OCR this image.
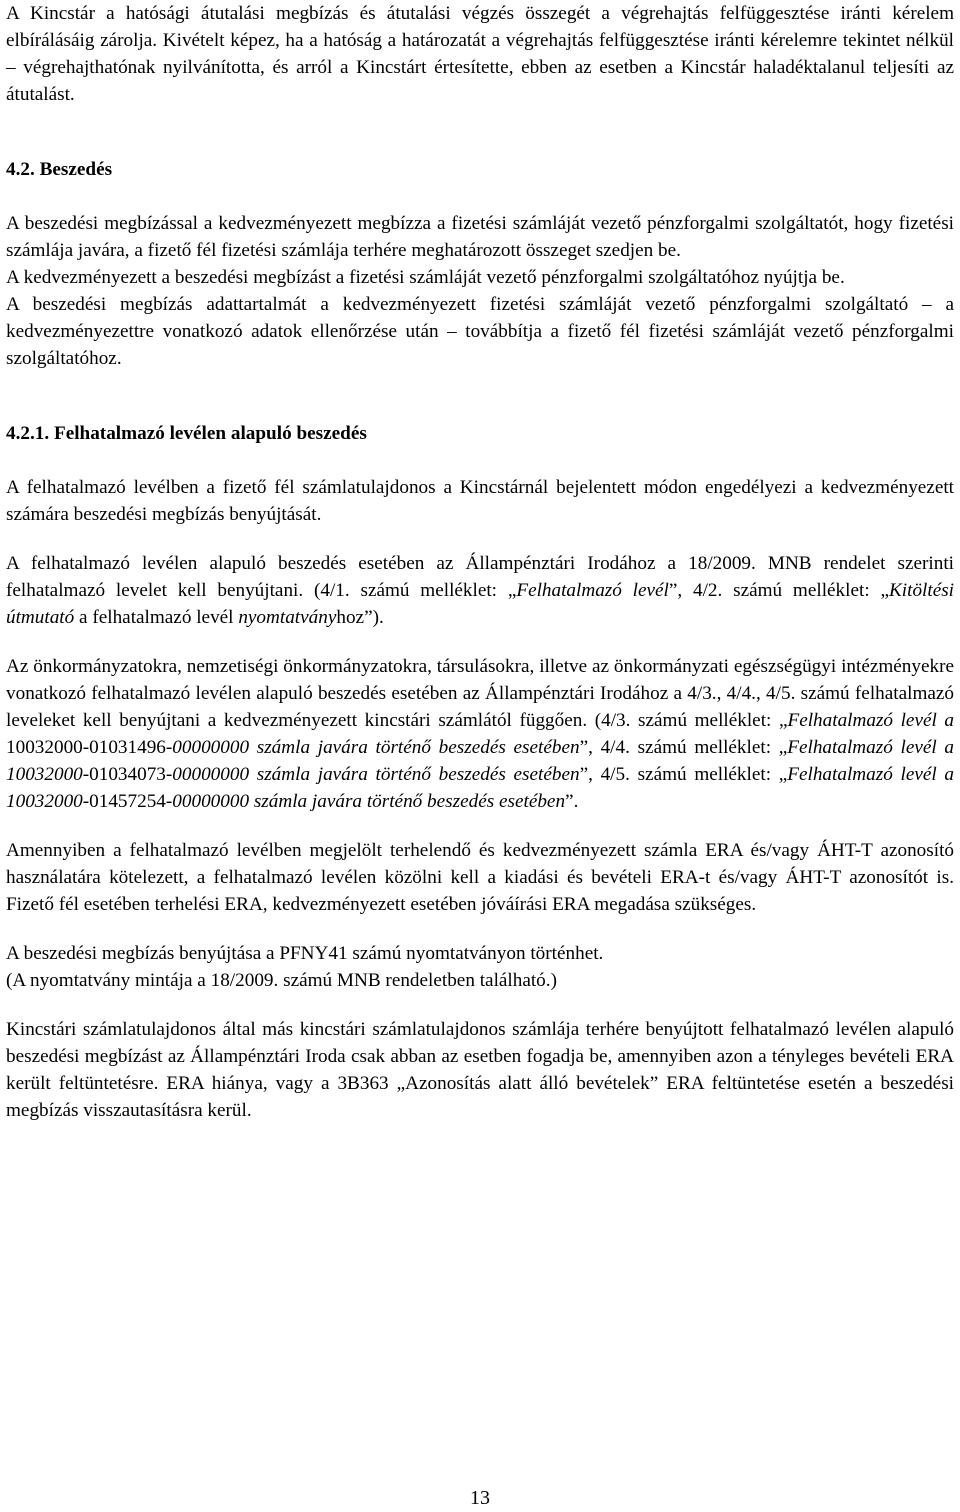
A Kincstár a hatósági átutalási megbízás és átutalási végzés összegét a végrehajtás felfüggesztése iránti kérelem elbírálásáig zárolja. Kivételt képez, ha a hatóság a határozatát a végrehajtás felfüggesztése iránti kérelemre tekintet nélkül – végrehajthatónak nyilvánította, és arról a Kincstárt értesítette, ebben az esetben a Kincstár haladéktalanul teljesíti az átutalást.

4.2. Beszedés

A beszedési megbízással a kedvezményezett megbízza a fizetési számláját vezető pénzforgalmi szolgáltatót, hogy fizetési számlája javára, a fizető fél fizetési számlája terhére meghatározott összeget szedjen be.

A kedvezményezett a beszedési megbízást a fizetési számláját vezető pénzforgalmi szolgáltatóhoz nyújtja be.

A beszedési megbízás adattartalmát a kedvezményezett fizetési számláját vezető pénzforgalmi szolgáltató – a kedvezményezettre vonatkozó adatok ellenőrzése után – továbbítja a fizető fél fizetési számláját vezető pénzforgalmi szolgáltatóhoz.

4.2.1. Felhatalmazó levélen alapuló beszedés

A felhatalmazó levélben a fizető fél számlatulajdonos a Kincstárnál bejelentett módon engedélyezi a kedvezményezett számára beszedési megbízás benyújtását.

A felhatalmazó levélen alapuló beszedés esetében az Állampénztári Irodához a 18/2009. MNB rendelet szerinti felhatalmazó levelet kell benyújtani. (4/1. számú melléklet: „Felhatalmazó levél”, 4/2. számú melléklet: „Kitöltési útmutató a felhatalmazó levél nyomtatványhoz”).

Az önkormányzatokra, nemzetiségi önkormányzatokra, társulásokra, illetve az önkormányzati egészségügyi intézményekre vonatkozó felhatalmazó levélen alapuló beszedés esetében az Állampénztári Irodához a 4/3., 4/4., 4/5. számú felhatalmazó leveleket kell benyújtani a kedvezményezett kincstári számlától függően. (4/3. számú melléklet: „Felhatalmazó levél a 10032000-01031496-00000000 számla javára történő beszedés esetében”, 4/4. számú melléklet: „Felhatalmazó levél a 10032000-01034073-00000000 számla javára történő beszedés esetében”, 4/5. számú melléklet: „Felhatalmazó levél a 10032000-01457254-00000000 számla javára történő beszedés esetében”.

Amennyiben a felhatalmazó levélben megjelölt terhelendő és kedvezményezett számla ERA és/vagy ÁHT-T azonosító használatára kötelezett, a felhatalmazó levélen közölni kell a kiadási és bevételi ERA-t és/vagy ÁHT-T azonosítót is. Fizető fél esetében terhelési ERA, kedvezményezett esetében jóváírási ERA megadása szükséges.

A beszedési megbízás benyújtása a PFNY41 számú nyomtatványon történhet.

(A nyomtatvány mintája a 18/2009. számú MNB rendeletben található.)

Kincstári számlatulajdonos által más kincstári számlatulajdonos számlája terhére benyújtott felhatalmazó levélen alapuló beszedési megbízást az Állampénztári Iroda csak abban az esetben fogadja be, amennyiben azon a tényleges bevételi ERA került feltüntetésre. ERA hiánya, vagy a 3B363 „Azonosítás alatt álló bevételek” ERA feltüntetése esetén a beszedési megbízás visszautasításra kerül.

13
